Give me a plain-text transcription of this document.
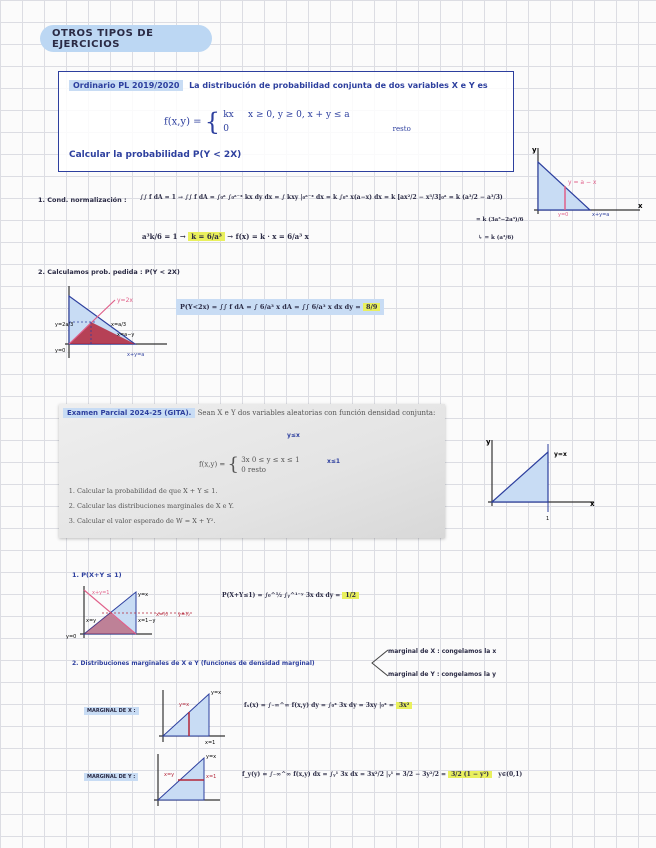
OTROS TIPOS DE EJERCICIOS
Ordinario PL 2019/2020 La distribución de probabilidad conjunta de dos variables X e Y es
f(x,y) = { kx x ≥ 0, y ≥ 0, x + y ≤ a
0	resto
Calcular la probabilidad P(Y < 2X)	y
x
y = a − x
y=0	x+y=a
1. Cond. normalización : ∫∫ f dA = 1 → ∫∫ f dA = ∫₀ᵃ ∫₀ᵃ⁻ˣ kx dy dx = ∫ kxy |₀ᵃ⁻ˣ dx = k ∫₀ᵃ x(a−x) dx = k [ax²/2 − x³/3]₀ᵃ = k (a³/2 − a³/3)
= k (3a³−2a³)/6
↳ = k (a³/6)
a³k/6 = 1 → k = 6/a³ → f(x) = k · x = 6/a³ x
2. Calculamos prob. pedida : P(Y < 2X)
y=2x
y=2a/3	x=a/3
x=a−y
y=0
x+y=a
P(Y<2x) = ∫∫ f dA = ∫ 6/a³ x dA = ∫∫ 6/a³ x dx dy = 8/9
Examen Parcial 2024-25 (GITA). Sean X e Y dos variables aleatorias con función densidad conjunta:
f(x,y) = { 3x 0 ≤ y ≤ x ≤ 1
0 resto
y≤x
x≤1
1. Calcular la probabilidad de que X + Y ≤ 1.
2. Calcular las distribuciones marginales de X e Y.
3. Calcular el valor esperado de W = X + Y².
y
x
y=x
1
1. P(X+Y ≤ 1)
x+y=1	y=x
x=1−y
y=0
x=y
x=½ y=½
P(X+Y≤1) = ∫₀^½ ∫ᵧ^¹⁻ʸ 3x dx dy = 1/2
2. Distribuciones marginales de X e Y (funciones de densidad marginal)
marginal de X : congelamos la x
marginal de Y : congelamos la y
MARGINAL DE X :
y=x
y=x
x=1
fₓ(x) = ∫₋∞^∞ f(x,y) dy = ∫₀ˣ 3x dy = 3xy |₀ˣ = 3x²
MARGINAL DE Y :
y=x
x=y	x=1	f_y(y) = ∫₋∞^∞ f(x,y) dx = ∫ᵧ¹ 3x dx = 3x²/2 |ᵧ¹ = 3/2 − 3y²/2 = 3/2 (1 − y²) y∈(0,1)
